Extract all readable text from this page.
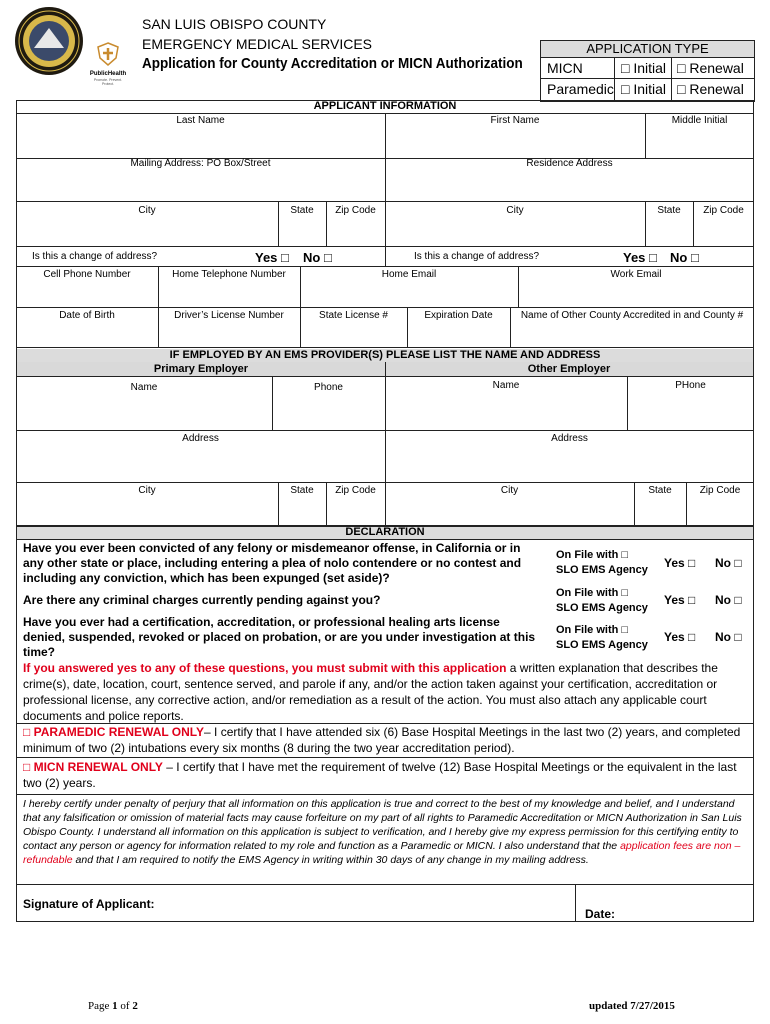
PublicHealth
Promote. Prevent. Protect.
SAN LUIS OBISPO COUNTY
EMERGENCY MEDICAL SERVICES
Application for County Accreditation or MICN Authorization
APPLICATION TYPE
MICN	□ Initial □ Renewal
Paramedic □ Initial □ Renewal
APPLICANT INFORMATION
Last Name	First Name	Middle Initial
Mailing Address: PO Box/Street	Residence Address
City	State	Zip Code	City	State	Zip Code
Is this a change of address?	Yes □ No □	Is this a change of address?	Yes □ No □
Cell Phone Number	Home Telephone Number	Home Email	Work Email
Date of Birth	Driver’s License Number	State License #	Expiration Date	Name of Other County Accredited in and County #
IF EMPLOYED BY AN EMS PROVIDER(S) PLEASE LIST THE NAME AND ADDRESS
Primary Employer	Other Employer
Name	Phone	Name	PHone
Address	Address
City	State	Zip Code	City	State	Zip Code
DECLARATION
Have you ever been convicted of any felony or misdemeanor offense, in California or in any other state or place, including entering a plea of nolo contendere or no contest and including any conviction, which has been expunged (set aside)?
On File with □
SLO EMS Agency Yes □ No □
Are there any criminal charges currently pending against you?	On File with □
SLO EMS Agency
Yes □ No □
Have you ever had a certification, accreditation, or professional healing arts license denied, suspended, revoked or placed on probation, or are you under investigation at this time?
On File with □
SLO EMS Agency
Yes □ No □
If you answered yes to any of these questions, you must submit with this application a written explanation that describes the crime(s), date, location, court, sentence served, and parole if any, and/or the action taken against your certification, accreditation or professional license, any corrective action, and/or remediation as a result of the action. You must also attach any applicable court documents and police reports.
□ PARAMEDIC RENEWAL ONLY– I certify that I have attended six (6) Base Hospital Meetings in the last two (2) years, and completed minimum of two (2) intubations every six months (8 during the two year accreditation period).
□ MICN RENEWAL ONLY – I certify that I have met the requirement of twelve (12) Base Hospital Meetings or the equivalent in the last two (2) years.
I hereby certify under penalty of perjury that all information on this application is true and correct to the best of my knowledge and belief, and I understand that any falsification or omission of material facts may cause forfeiture on my part of all rights to Paramedic Accreditation or MICN Authorization in San Luis Obispo County. I understand all information on this application is subject to verification, and I hereby give my express permission for this certifying entity to contact any person or agency for information related to my role and function as a Paramedic or MICN. I also understand that the application fees are non – refundable and that I am required to notify the EMS Agency in writing within 30 days of any change in my mailing address.
Signature of Applicant:
Date:
Page 1 of 2	updated 7/27/2015
